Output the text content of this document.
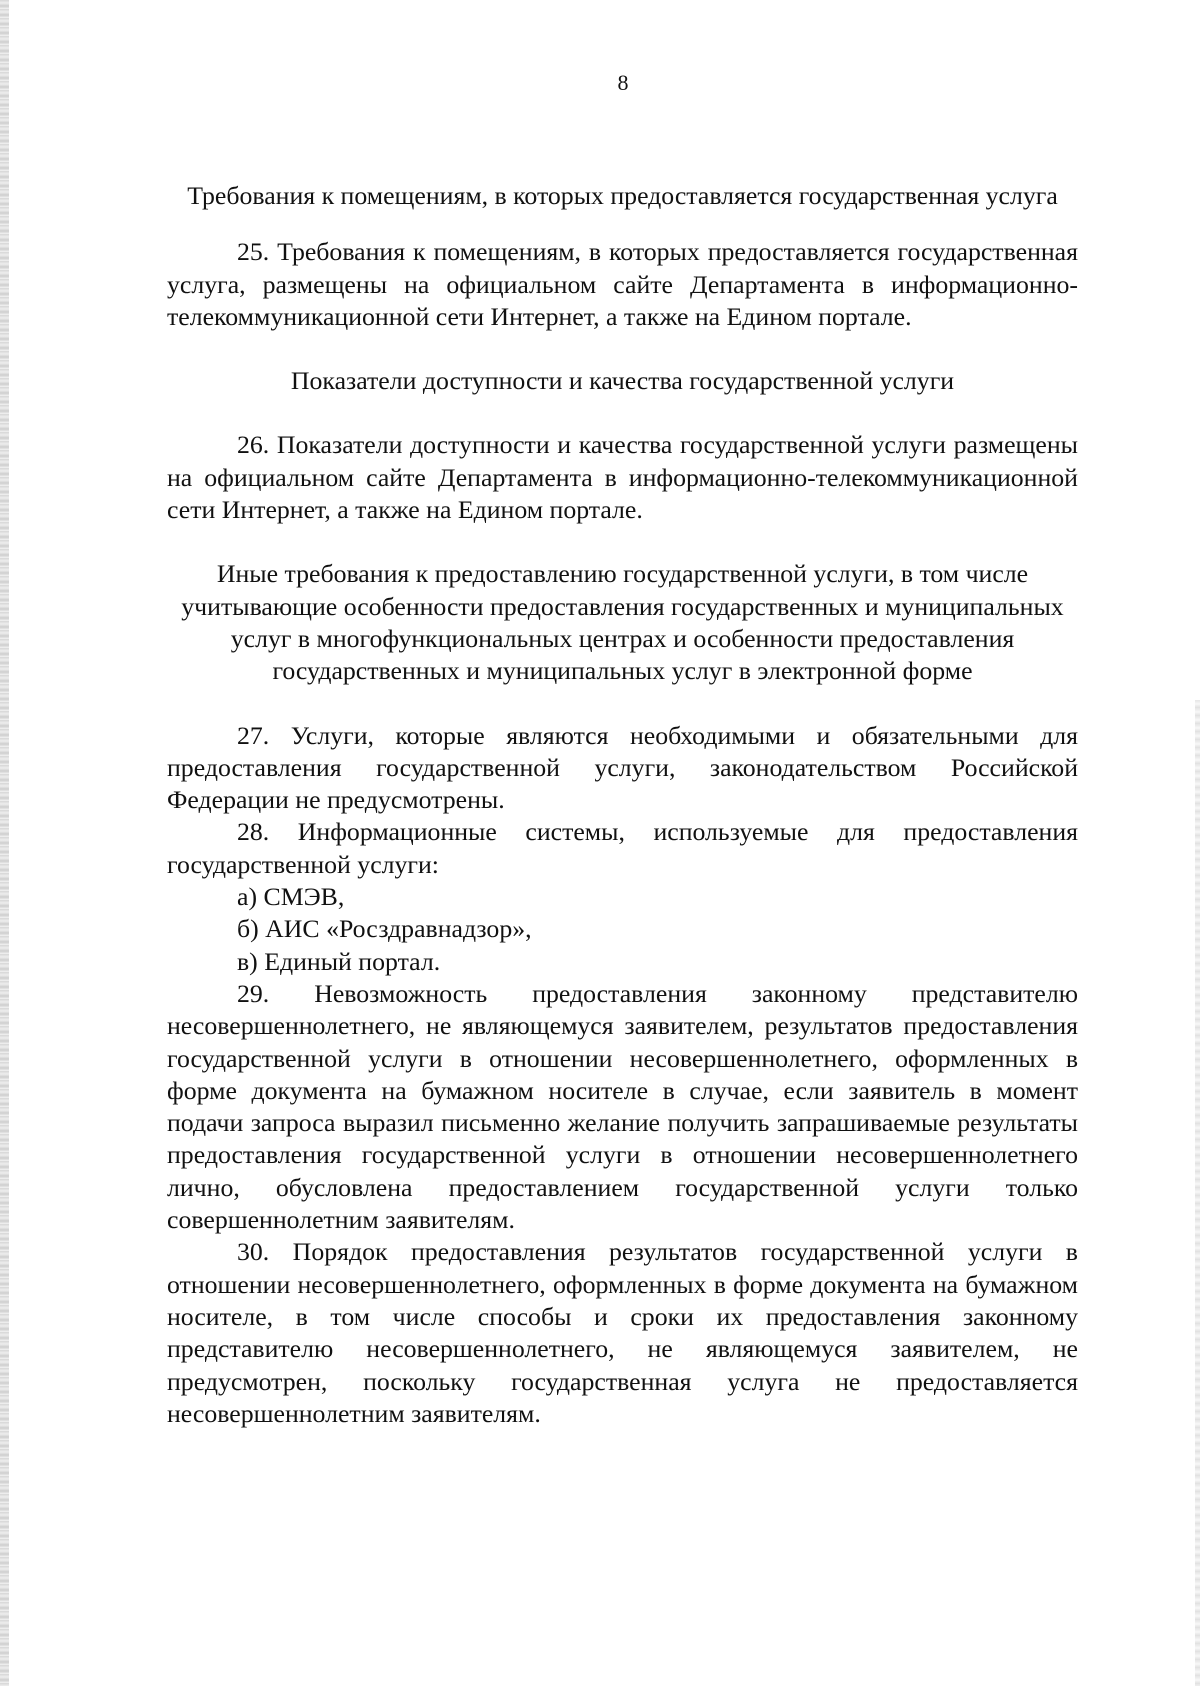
8

Требования к помещениям, в которых предоставляется государственная услуга

25. Требования к помещениям, в которых предоставляется государственная услуга, размещены на официальном сайте Департамента в информационно-телекоммуникационной сети Интернет, а также на Едином портале.

Показатели доступности и качества государственной услуги

26. Показатели доступности и качества государственной услуги размещены на официальном сайте Департамента в информационно-телекоммуникационной сети Интернет, а также на Едином портале.

Иные требования к предоставлению государственной услуги, в том числе учитывающие особенности предоставления государственных и муниципальных услуг в многофункциональных центрах и особенности предоставления государственных и муниципальных услуг в электронной форме

27. Услуги, которые являются необходимыми и обязательными для предоставления государственной услуги, законодательством Российской Федерации не предусмотрены.

28. Информационные системы, используемые для предоставления государственной услуги:

а) СМЭВ,

б) АИС «Росздравнадзор»,

в) Единый портал.

29. Невозможность предоставления законному представителю несовершеннолетнего, не являющемуся заявителем, результатов предоставления государственной услуги в отношении несовершеннолетнего, оформленных в форме документа на бумажном носителе в случае, если заявитель в момент подачи запроса выразил письменно желание получить запрашиваемые результаты предоставления государственной услуги в отношении несовершеннолетнего лично, обусловлена предоставлением государственной услуги только совершеннолетним заявителям.

30. Порядок предоставления результатов государственной услуги в отношении несовершеннолетнего, оформленных в форме документа на бумажном носителе, в том числе способы и сроки их предоставления законному представителю несовершеннолетнего, не являющемуся заявителем, не предусмотрен, поскольку государственная услуга не предоставляется несовершеннолетним заявителям.
